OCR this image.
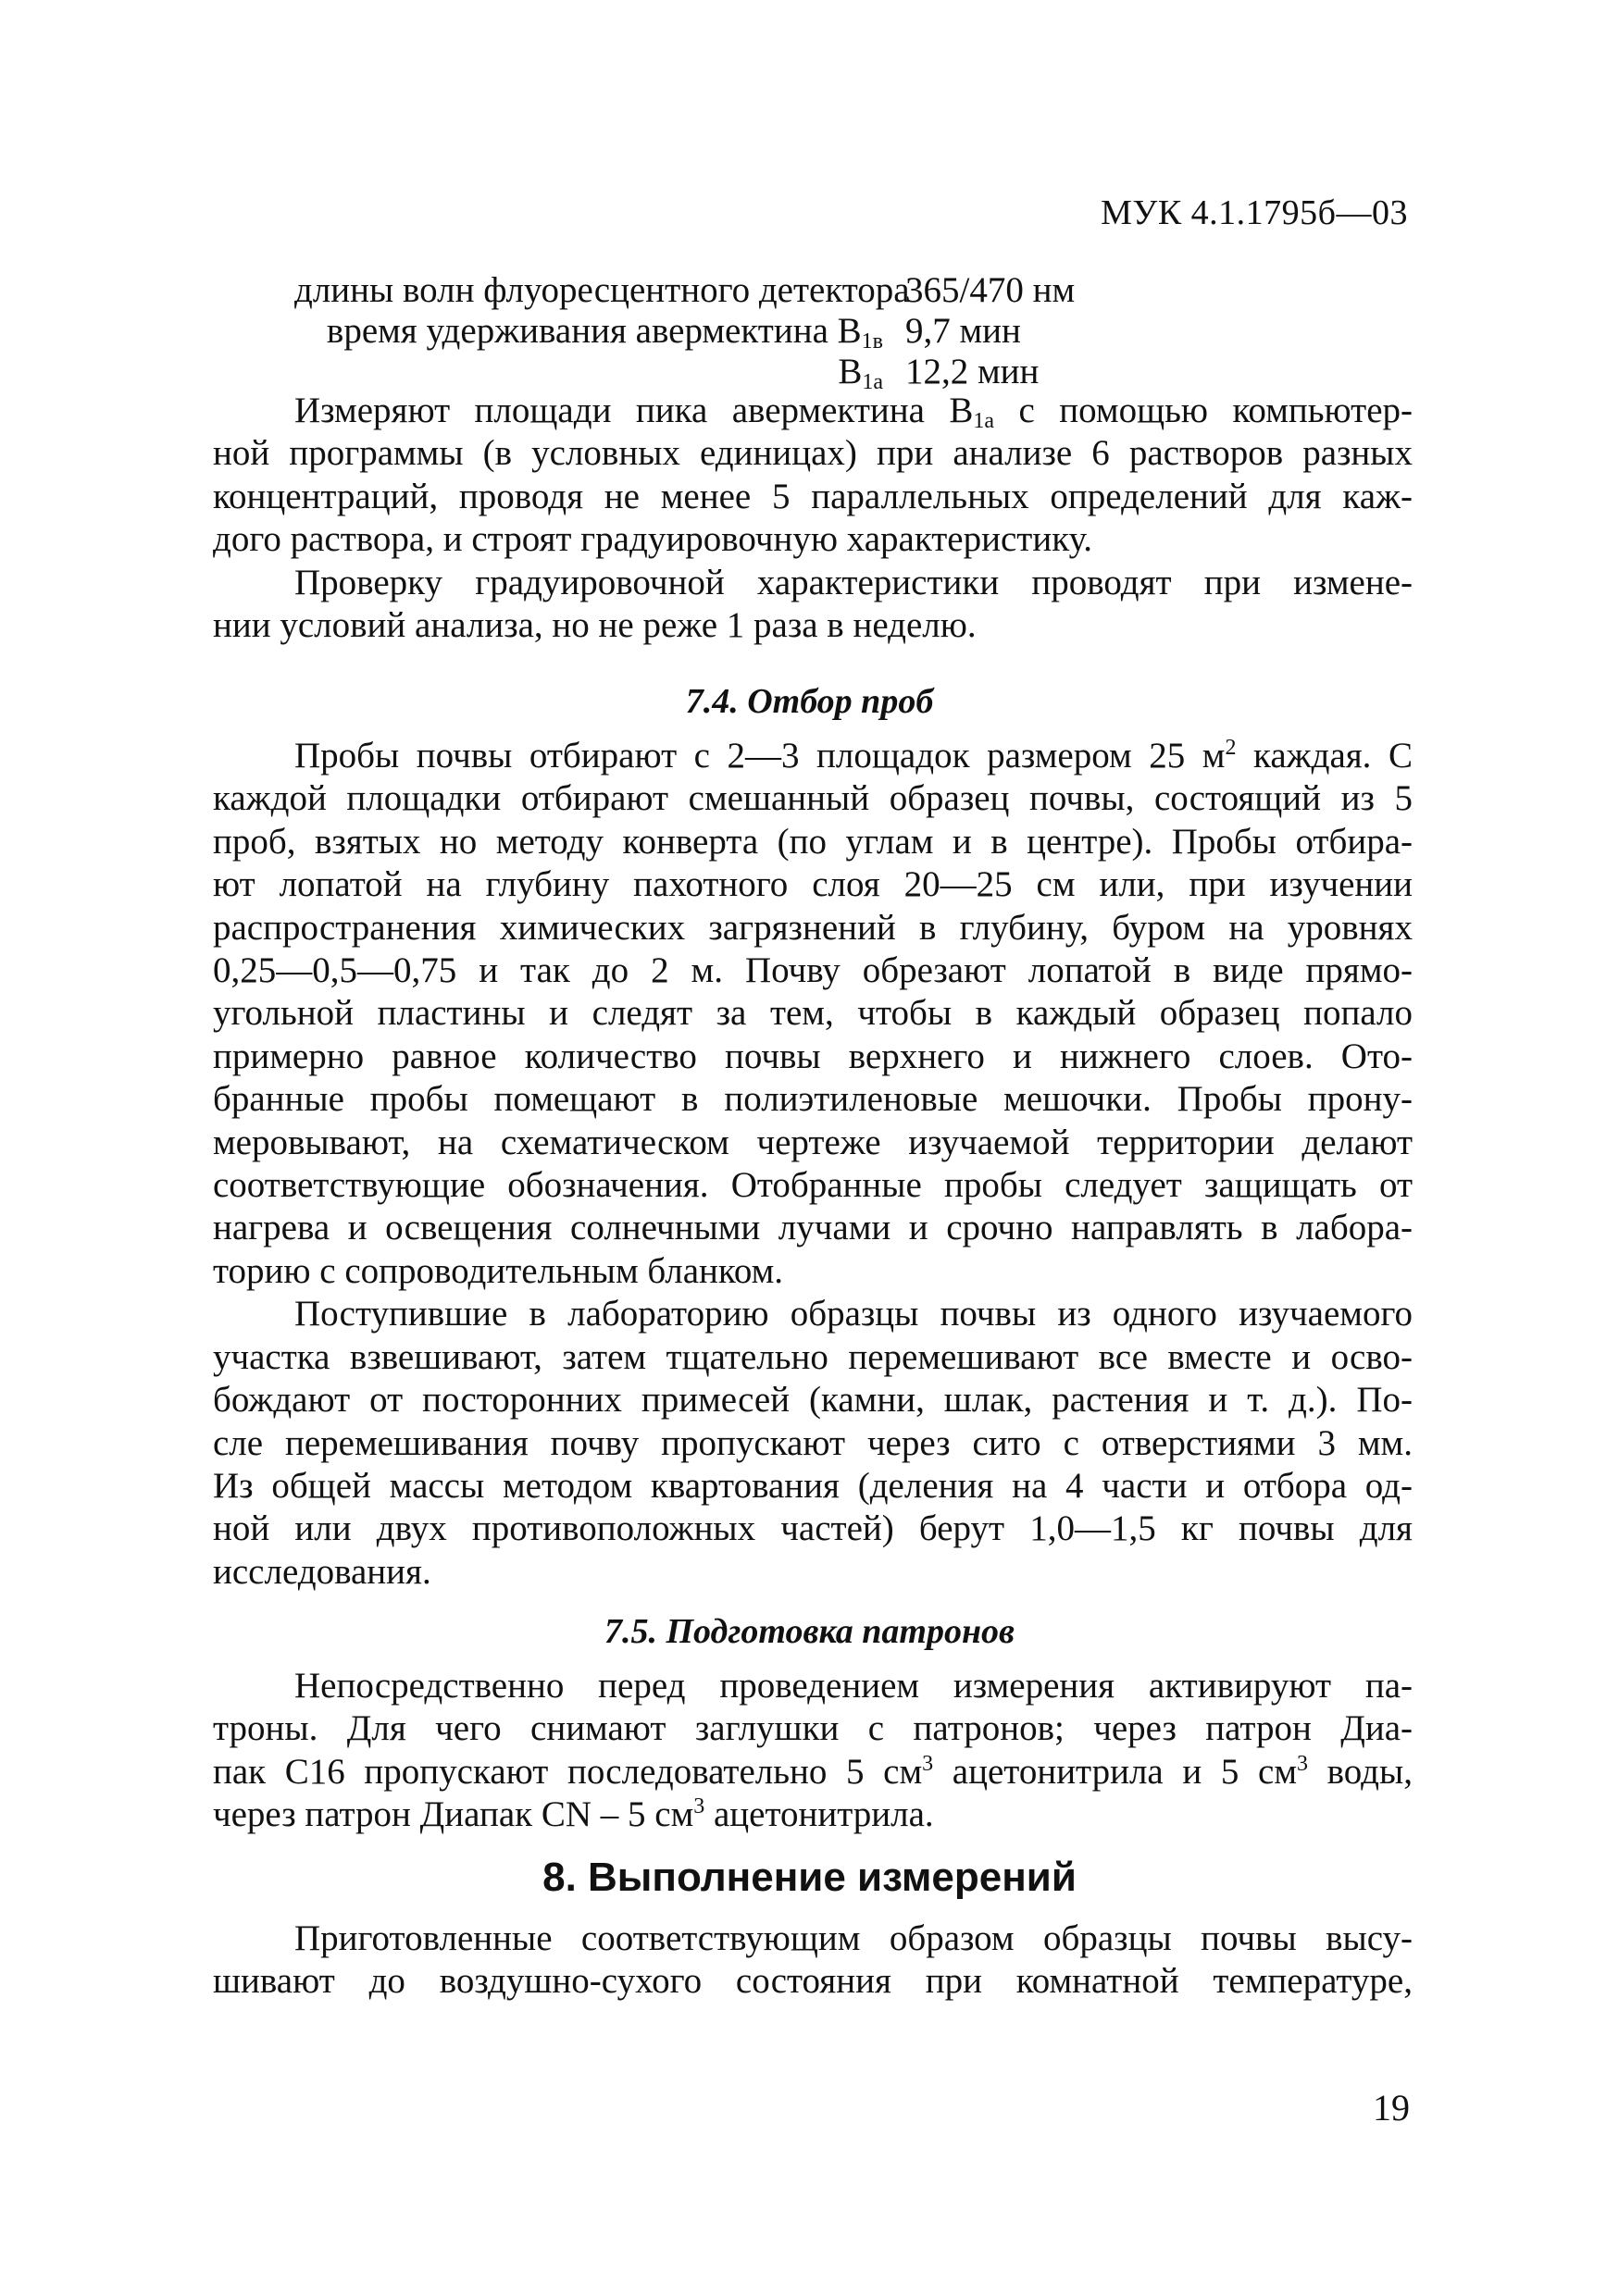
МУК 4.1.1795б—03
длины волн флуоресцентного детектора
365/470 нм
время удерживания авермектина $В_{1в}$ 9,7 мин
$В_{1а}$ 12,2 мин

Измеряют площади пика авермектина $В_{1а}$ с помощью компьютер-
ной программы (в условных единицах) при анализе 6 растворов разных
концентраций, проводя не менее 5 параллельных определений для каж-
дого раствора, и строят градуировочную характеристику.

Проверку градуировочной характеристики проводят при измене-
нии условий анализа, но не реже 1 раза в неделю.

7.4. Отбор проб

Пробы почвы отбирают с 2—3 площадок размером 25 $м^2$ каждая. С
каждой площадки отбирают смешанный образец почвы, состоящий из 5
проб, взятых но методу конверта (по углам и в центре). Пробы отбира-
ют лопатой на глубину пахотного слоя 20—25 см или, при изучении
распространения химических загрязнений в глубину, буром на уровнях
0,25—0,5—0,75 и так до 2 м. Почву обрезают лопатой в виде прямо-
угольной пластины и следят за тем, чтобы в каждый образец попало
примерно равное количество почвы верхнего и нижнего слоев. Ото-
бранные пробы помещают в полиэтиленовые мешочки. Пробы прону-
меровывают, на схематическом чертеже изучаемой территории делают
соответствующие обозначения. Отобранные пробы следует защищать от
нагрева и освещения солнечными лучами и срочно направлять в лабора-
торию с сопроводительным бланком.

Поступившие в лабораторию образцы почвы из одного изучаемого
участка взвешивают, затем тщательно перемешивают все вместе и осво-
бождают от посторонних примесей (камни, шлак, растения и т. д.). По-
сле перемешивания почву пропускают через сито с отверстиями 3 мм.
Из общей массы методом квартования (деления на 4 части и отбора од-
ной или двух противоположных частей) берут 1,0—1,5 кг почвы для
исследования.

7.5. Подготовка патронов

Непосредственно перед проведением измерения активируют па-
троны. Для чего снимают заглушки с патронов; через патрон Диа-
пак С16 пропускают последовательно 5 $см^3$ ацетонитрила и 5 $см^3$ воды,
через патрон Диапак CN – 5 $см^3$ ацетонитрила.

8. Выполнение измерений

Приготовленные соответствующим образом образцы почвы высу-
шивают до воздушно-сухого состояния при комнатной температуре,

19
